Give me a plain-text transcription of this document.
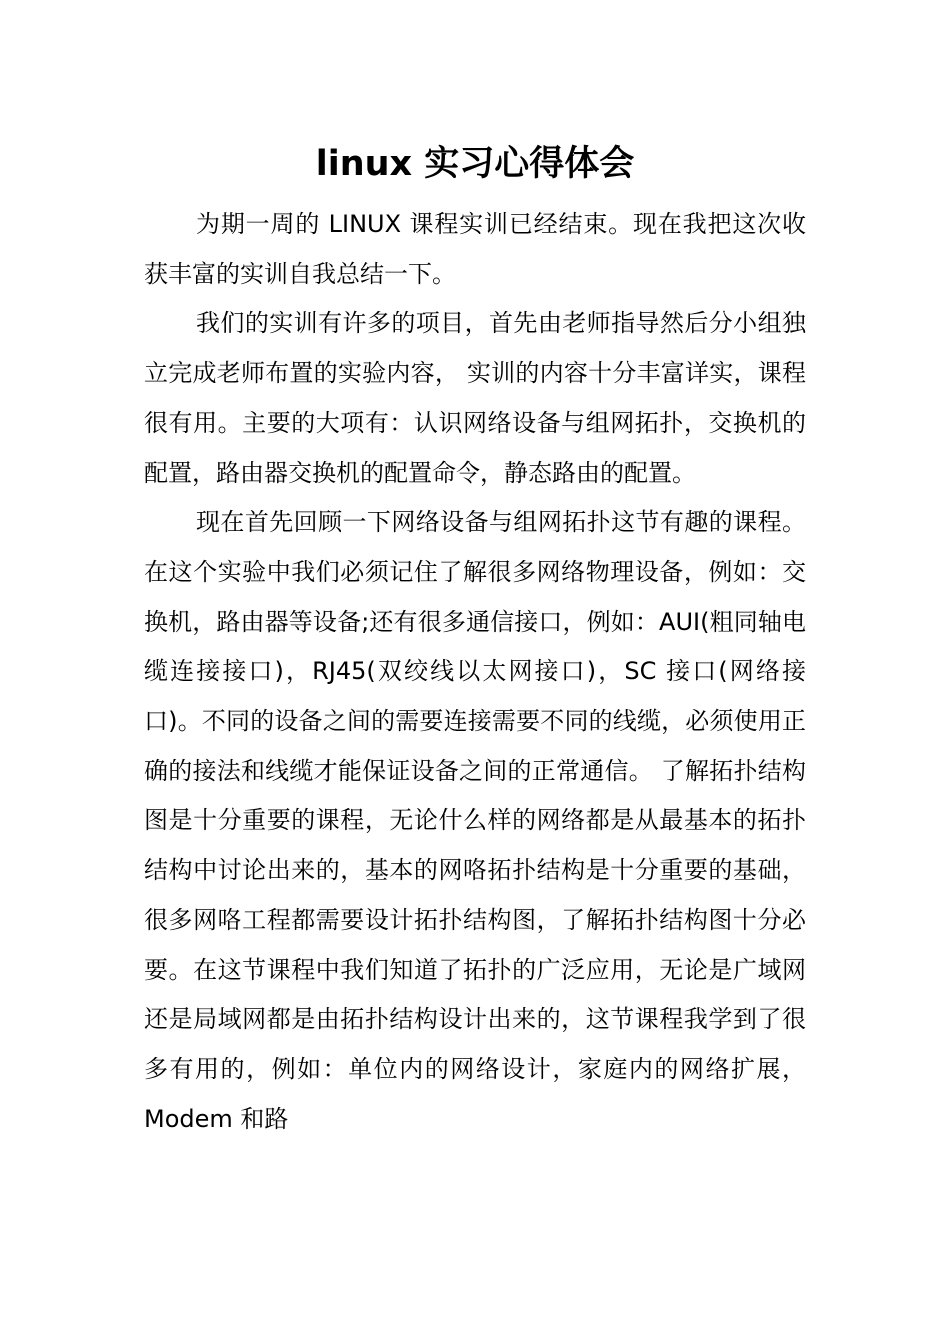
linux 实习心得体会

为期一周的 LINUX 课程实训已经结束。现在我把这次收获丰富的实训自我总结一下。

我们的实训有许多的项目，首先由老师指导然后分小组独立完成老师布置的实验内容， 实训的内容十分丰富详实，课程很有用。主要的大项有：认识网络设备与组网拓扑，交换机的配置，路由器交换机的配置命令，静态路由的配置。

现在首先回顾一下网络设备与组网拓扑这节有趣的课程。在这个实验中我们必须记住了解很多网络物理设备，例如：交换机，路由器等设备;还有很多通信接口，例如：AUI(粗同轴电缆连接接口)，RJ45(双绞线以太网接口)，SC 接口(网络接口)。不同的设备之间的需要连接需要不同的线缆，必须使用正确的接法和线缆才能保证设备之间的正常通信。 了解拓扑结构图是十分重要的课程，无论什么样的网络都是从最基本的拓扑结构中讨论出来的，基本的网咯拓扑结构是十分重要的基础，很多网咯工程都需要设计拓扑结构图，了解拓扑结构图十分必要。在这节课程中我们知道了拓扑的广泛应用，无论是广域网还是局域网都是由拓扑结构设计出来的，这节课程我学到了很多有用的，例如：单位内的网络设计，家庭内的网络扩展，Modem 和路
